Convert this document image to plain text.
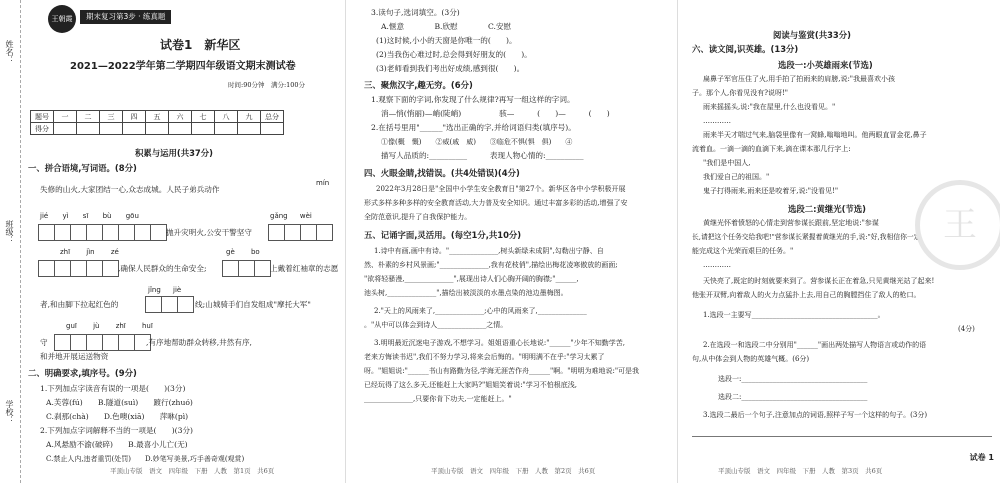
姓名：
班级：
学校：
王朝霞	期末复习第3步 · 练真题
试卷1　新华区
2021—2022学年第二学期四年级语文期末测试卷
时间:90分钟　满分:100分
题号	一	二	三	四	五	六	七	八	九	总分
得分										
积累与运用(共37分)
一、拼合语境,写词语。(8分)
mín
失修的山火,大家团结一心,众志成城。人民子弟兵动作
jié yì sī bù gōu	gǎng wèi
抛升灾明火,公安干警坚守
zhī jìn zé	gè bo
,确保人民群众的生命安全;	上戴着红袖章的志愿
jǐng jiè
者,和由脚下拉起红色的	线;山城骑手们自发组成"摩托大军"
guī jù zhī huī
守	,有序地帮助群众转移,井然有序,
和并地开展运送物资
二、明确要求,填序号。(9分)
1.下列加点字读音有误的一项是(　　)(3分)
A.芙蓉(fú)　　B.隧道(suì)　　踱行(zhuó)
C.刹那(chà)　　D.色噢(xiā)　　萍咻(pì)
2.下列加点字词解释不当的一项是(　　)(3分)
A.风悬励不渝(破碎)　　B.最喜小儿亡(无)
C.禁止人内,违者重罚(处罚)　　D.妙笔写美景,巧手善奇观(观赏)
平顶山专版　语文　四年级　下册　人教　第1页　共6页
3.读句子,选词填空。(3分)
A.惬意　　　　B.欣慰　　　　C.安慰
(1)这时候,小小的天窗是你唯一的(　　)。
(2)当我伤心难过时,总会得到好朋友的(　　)。
(3)老师看到我们考出好成绩,感到很(　　)。
三、聚焦汉字,趣无穷。(6分)
1.观察下面的字词,你发现了什么规律?再写一组这样的字词。
消—悄(悄丽)—峭(陡峭)　　　　　骇—　　　(　　)—　　　(　　)
2.在括号里用"______"选出正确的字,并给词语归类(填序号)。
①像(概　慨)　　②威(戚　威)　　③临危不惧(惧　俱)　　④
描写人品质的:__________　　　表现人物心情的:__________
四、火眼金睛,找错误。(共4处错误)(4分)
2022年3月28日是"全国中小学生安全教育日"第27个。新华区各中小学积极开展
形式多样多种多样的安全教育活动,大力普及安全知识。通过丰富多彩的活动,增强了安
全防范意识,提升了自我保护能力。
五、记诵字面,灵活用。(每空1分,共10分)
1.诗中有画,画中有诗。"______________,树头新绿未成阴",勾勒出宁静、自
然、朴素的乡村风景画;"______________,我有花枝俏",描绘出梅花凌寒傲放的画面;
"欲将轻骚漫,______________",展现出诗人们心胸开阔的胸襟;"______,
池头树,______________",描绘出被淡淡的水墨点染的池边墨梅图。
2."天上的风雨来了,______________;心中的风雨来了,______________
。"从中可以体会到诗人______________之情。
3.明明最近沉迷电子游戏,不想学习。姐姐语重心长地说:"______"少年不知勤学苦,
老来方悔读书迟",我们不努力学习,将来会后悔的。"明明满不在乎:"学习太累了
呀。"姐姐说:"______书山有路勤为径,学海无涯苦作舟______"啊。"明明为难地说:"可是我
已经玩得了这么多天,还能赶上大家吗?"姐姐笑着说:"学习不怕根底浅,
______________,只要你肯下功夫,一定能赶上。"
平顶山专版　语文　四年级　下册　人教　第2页　共6页
阅读与鉴赏(共33分)
六、读文阅,识英雄。(13分)
选段一:小英雄雨来(节选)
扁鼻子军官压住了火,用手拍了拍雨来的肩膀,说:"我最喜欢小孩
子。那个人,你看见没有?说呀!"
雨来摇摇头,说:"我在屋里,什么也没看见。"
…………
雨来半天才喘过气来,脑袋里像有一窝蜂,嗡嗡地叫。他两眼直冒金花,鼻子
流着血。一滴一滴的血滴下来,滴在课本那几行字上:
"我们是中国人,
我们爱自己的祖国。"
鬼子打得雨来,雨来还是咬着牙,说:"没看见!"
选段二:黄继光(节选)
黄继光怀着愤怒的心情走到营参谋长跟前,坚定地说:"参谋
长,请把这个任务交给我吧!"营参谋长紧握着黄继光的手,说:"好,我相信你一定
能完成这个光荣而艰巨的任务。"
…………
天快亮了,既定的时刻就要来到了。营参谋长正在着急,只见黄继光站了起来!
他张开双臂,向着敌人的火力点猛扑上去,用自己的胸膛挡住了敌人的枪口。
1.选段一主要写____________________________________。
(4分)
2.在选段一和选段二中分别用"______"画出两处描写人物语言或动作的语
句,从中体会到人物的英雄气概。(6分)
选段一:____________________________________
选段二:____________________________________
3.选段二最后一个句子,注意加点的词语,照样子写一个这样的句子。(3分)
平顶山专版　语文　四年级　下册　人教　第3页　共6页
王
试卷 1
